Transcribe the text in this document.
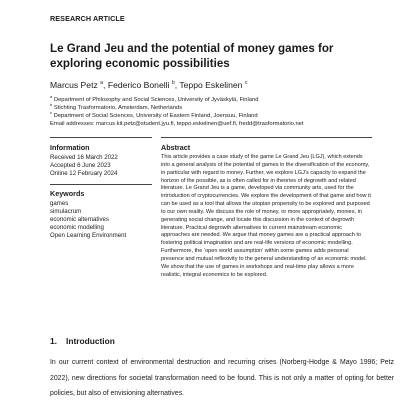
RESEARCH ARTICLE
Le Grand Jeu and the potential of money games for exploring economic possibilities
Marcus Petz $^a$, Federico Bonelli $^b$, Teppo Eskelinen $^c$
$^a$ Department of Philosophy and Social Sciences, University of Jyväskylä, Finland
$^b$ Stichting Trasformatorio, Amsterdam, Netherlands
$^c$ Department of Social Sciences, University of Eastern Finland, Joensuu, Finland
Email addresses: marcus.kit.petz@student.jyu.fi, teppo.eskelinen@uef.fi, fredd@trasformatorio.net
Information
Received 16 March 2022
Accepted 6 June 2023
Online 12 February 2024
Keywords
games
simulacrum
economic alternatives
economic modelling
Open Learning Environment
Abstract
This article provides a case study of the game Le Grand Jeu (LGJ), which extends into a general analysis of the potential of games in the diversification of the economy, in particular with regard to money. Further, we explore LGJ’s capacity to expand the horizon of the possible, as is often called for in theories of degrowth and related literature. Le Grand Jeu is a game, developed via community arts, used for the introduction of cryptocurrencies. We explore the development of that game and how it can be used as a tool that allows the utopian propensity to be explored and purposed to our own reality. We discuss the role of money, or more appropriately, monies, in generating social change, and locate this discussion in the context of degrowth literature. Practical degrowth alternatives to current mainstream economic approaches are needed. We argue that money games are a practical approach to fostering political imagination and are real-life versions of economic modelling. Furthermore, the ‘open world assumption’ within some games adds personal presence and mutual reflexivity to the general understanding of an economic model. We show that the use of games in workshops and real-time play allows a more realistic, integral economics to be explored.
1. Introduction
In our current context of environmental destruction and recurring crises (Norberg-Hodge & Mayo 1996; Petz 2022), new directions for societal transformation need to be found. This is not only a matter of opting for better policies, but also of envisioning alternatives.
